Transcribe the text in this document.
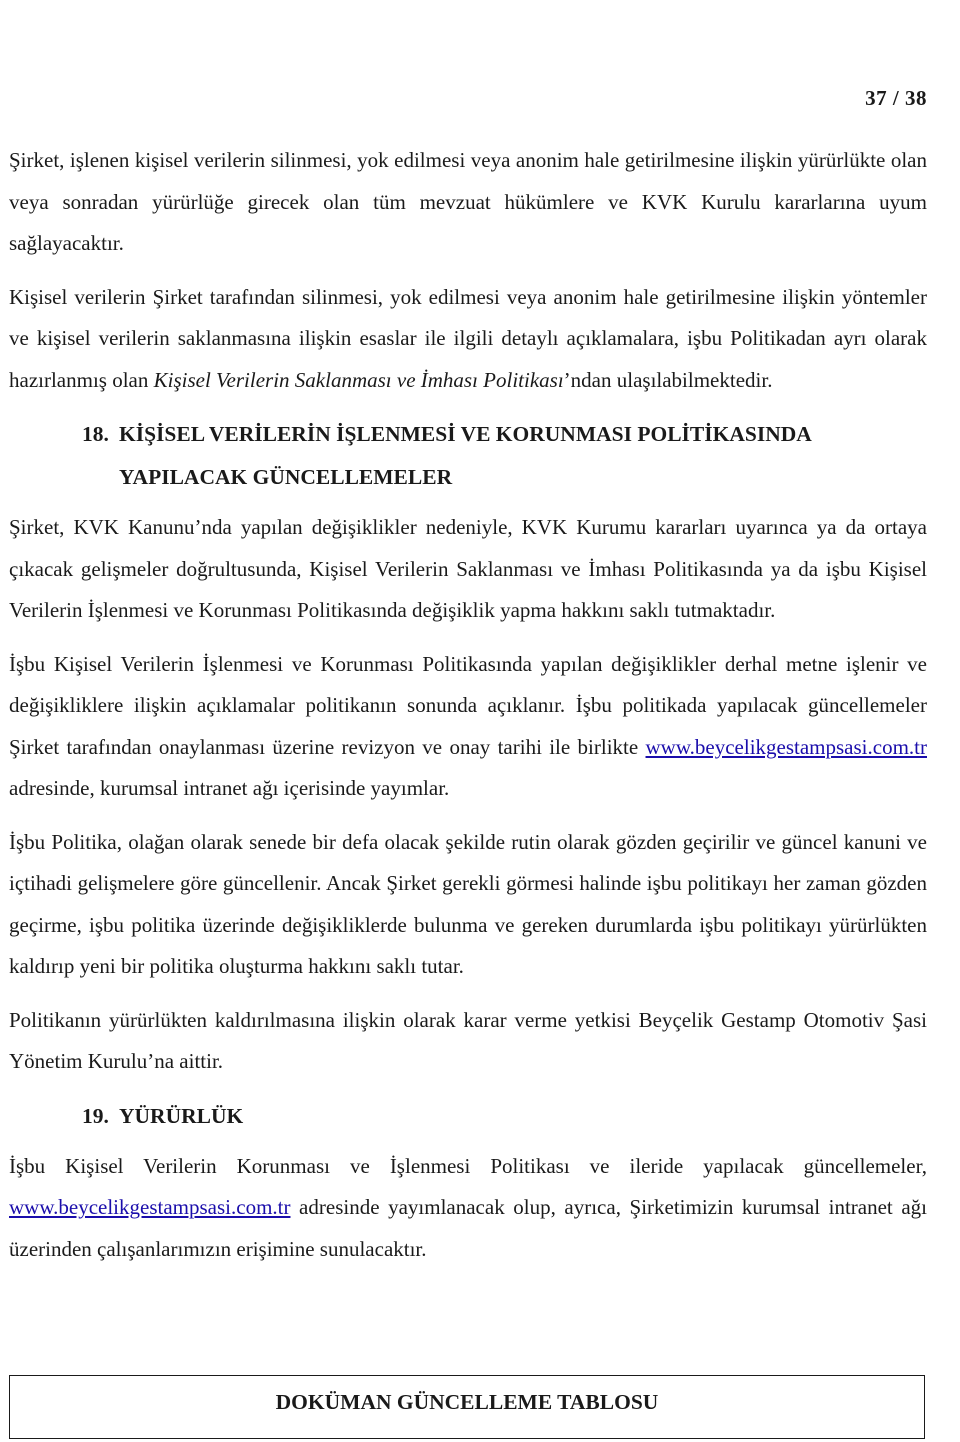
37 / 38

Şirket, işlenen kişisel verilerin silinmesi, yok edilmesi veya anonim hale getirilmesine ilişkin yürürlükte olan veya sonradan yürürlüğe girecek olan tüm mevzuat hükümlere ve KVK Kurulu kararlarına uyum sağlayacaktır.

Kişisel verilerin Şirket tarafından silinmesi, yok edilmesi veya anonim hale getirilmesine ilişkin yöntemler ve kişisel verilerin saklanmasına ilişkin esaslar ile ilgili detaylı açıklamalara, işbu Politikadan ayrı olarak hazırlanmış olan Kişisel Verilerin Saklanması ve İmhası Politikası’ndan ulaşılabilmektedir.

18. KİŞİSEL VERİLERİN İŞLENMESİ VE KORUNMASI POLİTİKASINDA YAPILACAK GÜNCELLEMELER

Şirket, KVK Kanunu’nda yapılan değişiklikler nedeniyle, KVK Kurumu kararları uyarınca ya da ortaya çıkacak gelişmeler doğrultusunda, Kişisel Verilerin Saklanması ve İmhası Politikasında ya da işbu Kişisel Verilerin İşlenmesi ve Korunması Politikasında değişiklik yapma hakkını saklı tutmaktadır.

İşbu Kişisel Verilerin İşlenmesi ve Korunması Politikasında yapılan değişiklikler derhal metne işlenir ve değişikliklere ilişkin açıklamalar politikanın sonunda açıklanır. İşbu politikada yapılacak güncellemeler Şirket tarafından onaylanması üzerine revizyon ve onay tarihi ile birlikte www.beycelikgestampsasi.com.tr adresinde, kurumsal intranet ağı içerisinde yayımlar.

İşbu Politika, olağan olarak senede bir defa olacak şekilde rutin olarak gözden geçirilir ve güncel kanuni ve içtihadi gelişmelere göre güncellenir. Ancak Şirket gerekli görmesi halinde işbu politikayı her zaman gözden geçirme, işbu politika üzerinde değişikliklerde bulunma ve gereken durumlarda işbu politikayı yürürlükten kaldırıp yeni bir politika oluşturma hakkını saklı tutar.

Politikanın yürürlükten kaldırılmasına ilişkin olarak karar verme yetkisi Beyçelik Gestamp Otomotiv Şasi Yönetim Kurulu’na aittir.

19. YÜRÜRLÜK

İşbu Kişisel Verilerin Korunması ve İşlenmesi Politikası ve ileride yapılacak güncellemeler, www.beycelikgestampsasi.com.tr adresinde yayımlanacak olup, ayrıca, Şirketimizin kurumsal intranet ağı üzerinden çalışanlarımızın erişimine sunulacaktır.

DOKÜMAN GÜNCELLEME TABLOSU
